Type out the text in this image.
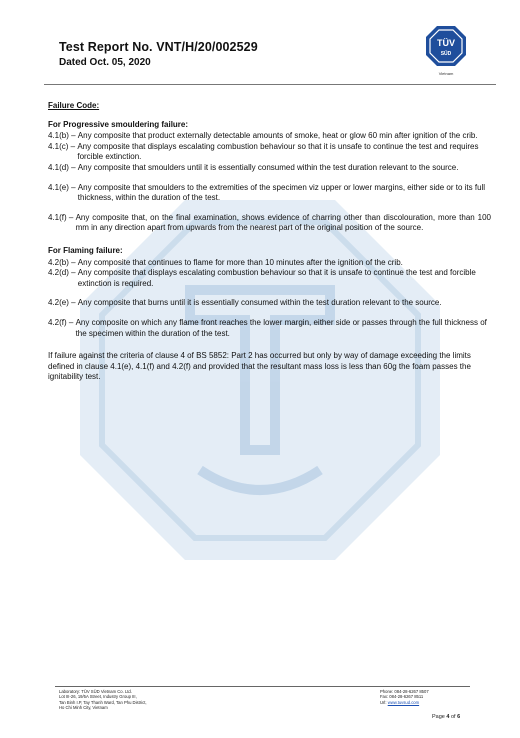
Test Report No. VNT/H/20/002529
Dated Oct. 05, 2020
TÜV
SÜD
Vietnam
Failure Code:
For Progressive smouldering failure:
4.1(b) – Any composite that product externally detectable amounts of smoke, heat or glow 60 min after ignition of the crib.
4.1(c) – Any composite that displays escalating combustion behaviour so that it is unsafe to continue the test and requires forcible extinction.
4.1(d) – Any composite that smoulders until it is essentially consumed within the test duration relevant to the source.
4.1(e) – Any composite that smoulders to the extremities of the specimen viz upper or lower margins, either side or to its full thickness, within the duration of the test.
4.1(f) – Any composite that, on the final examination, shows evidence of charring other than discolouration, more than 100 mm in any direction apart from upwards from the nearest part of the original position of the source.
For Flaming failure:
4.2(b) – Any composite that continues to flame for more than 10 minutes after the ignition of the crib.
4.2(d) – Any composite that displays escalating combustion behaviour so that it is unsafe to continue the test and forcible extinction is required.
4.2(e) – Any composite that burns until it is essentially consumed within the test duration relevant to the source.
4.2(f) – Any composite on which any flame front reaches the lower margin, either side or passes through the full thickness of the specimen within the duration of the test.
If failure against the criteria of clause 4 of BS 5852: Part 2 has occurred but only by way of damage exceeding the limits defined in clause 4.1(e), 4.1(f) and 4.2(f) and provided that the resultant mass loss is less than 60g the foam passes the ignitability test.
Laboratory: TÜV SÜD Vietnam Co. Ltd.
Lot III-26, 19/5A Street, Industry Group III,
Tan Binh I.P, Tay Thanh Ward, Tan Phu District,
Ho Chi Minh City, Vietnam
Phone: 084-28-6267 8507
Fax: 084-28-6267 8511
Url: www.tuvsud.com
Page 4 of 6
